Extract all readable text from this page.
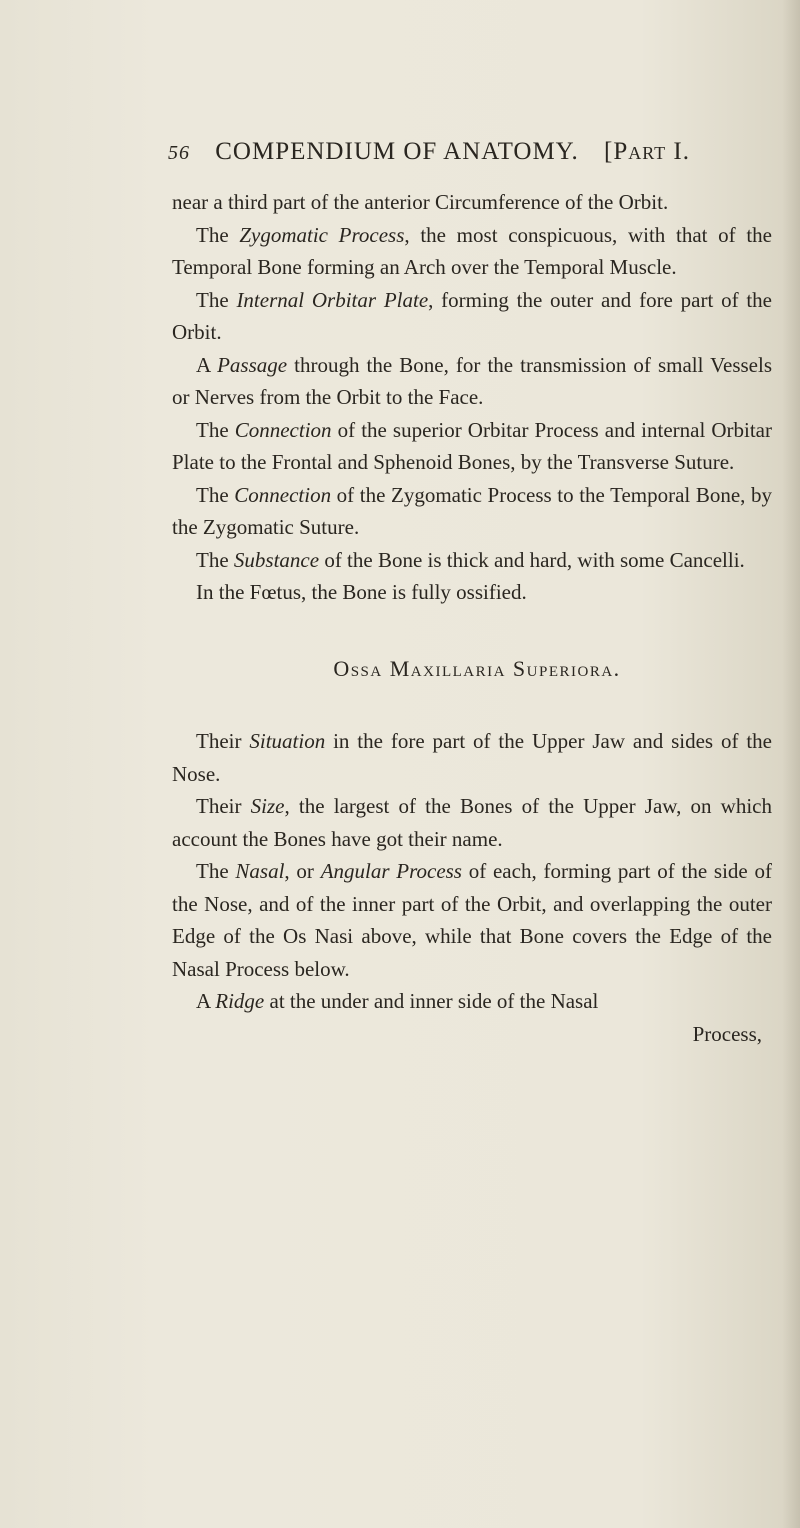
56 COMPENDIUM OF ANATOMY. [Part I.

near a third part of the anterior Circumference of the Orbit.

The Zygomatic Process, the most conspicuous, with that of the Temporal Bone forming an Arch over the Temporal Muscle.

The Internal Orbitar Plate, forming the outer and fore part of the Orbit.

A Passage through the Bone, for the transmission of small Vessels or Nerves from the Orbit to the Face.

The Connection of the superior Orbitar Process and internal Orbitar Plate to the Frontal and Sphenoid Bones, by the Transverse Suture.

The Connection of the Zygomatic Process to the Temporal Bone, by the Zygomatic Suture.

The Substance of the Bone is thick and hard, with some Cancelli.

In the Fœtus, the Bone is fully ossified.

Ossa Maxillaria Superiora.

Their Situation in the fore part of the Upper Jaw and sides of the Nose.

Their Size, the largest of the Bones of the Upper Jaw, on which account the Bones have got their name.

The Nasal, or Angular Process of each, forming part of the side of the Nose, and of the inner part of the Orbit, and overlapping the outer Edge of the Os Nasi above, while that Bone covers the Edge of the Nasal Process below.

A Ridge at the under and inner side of the Nasal

Process,
